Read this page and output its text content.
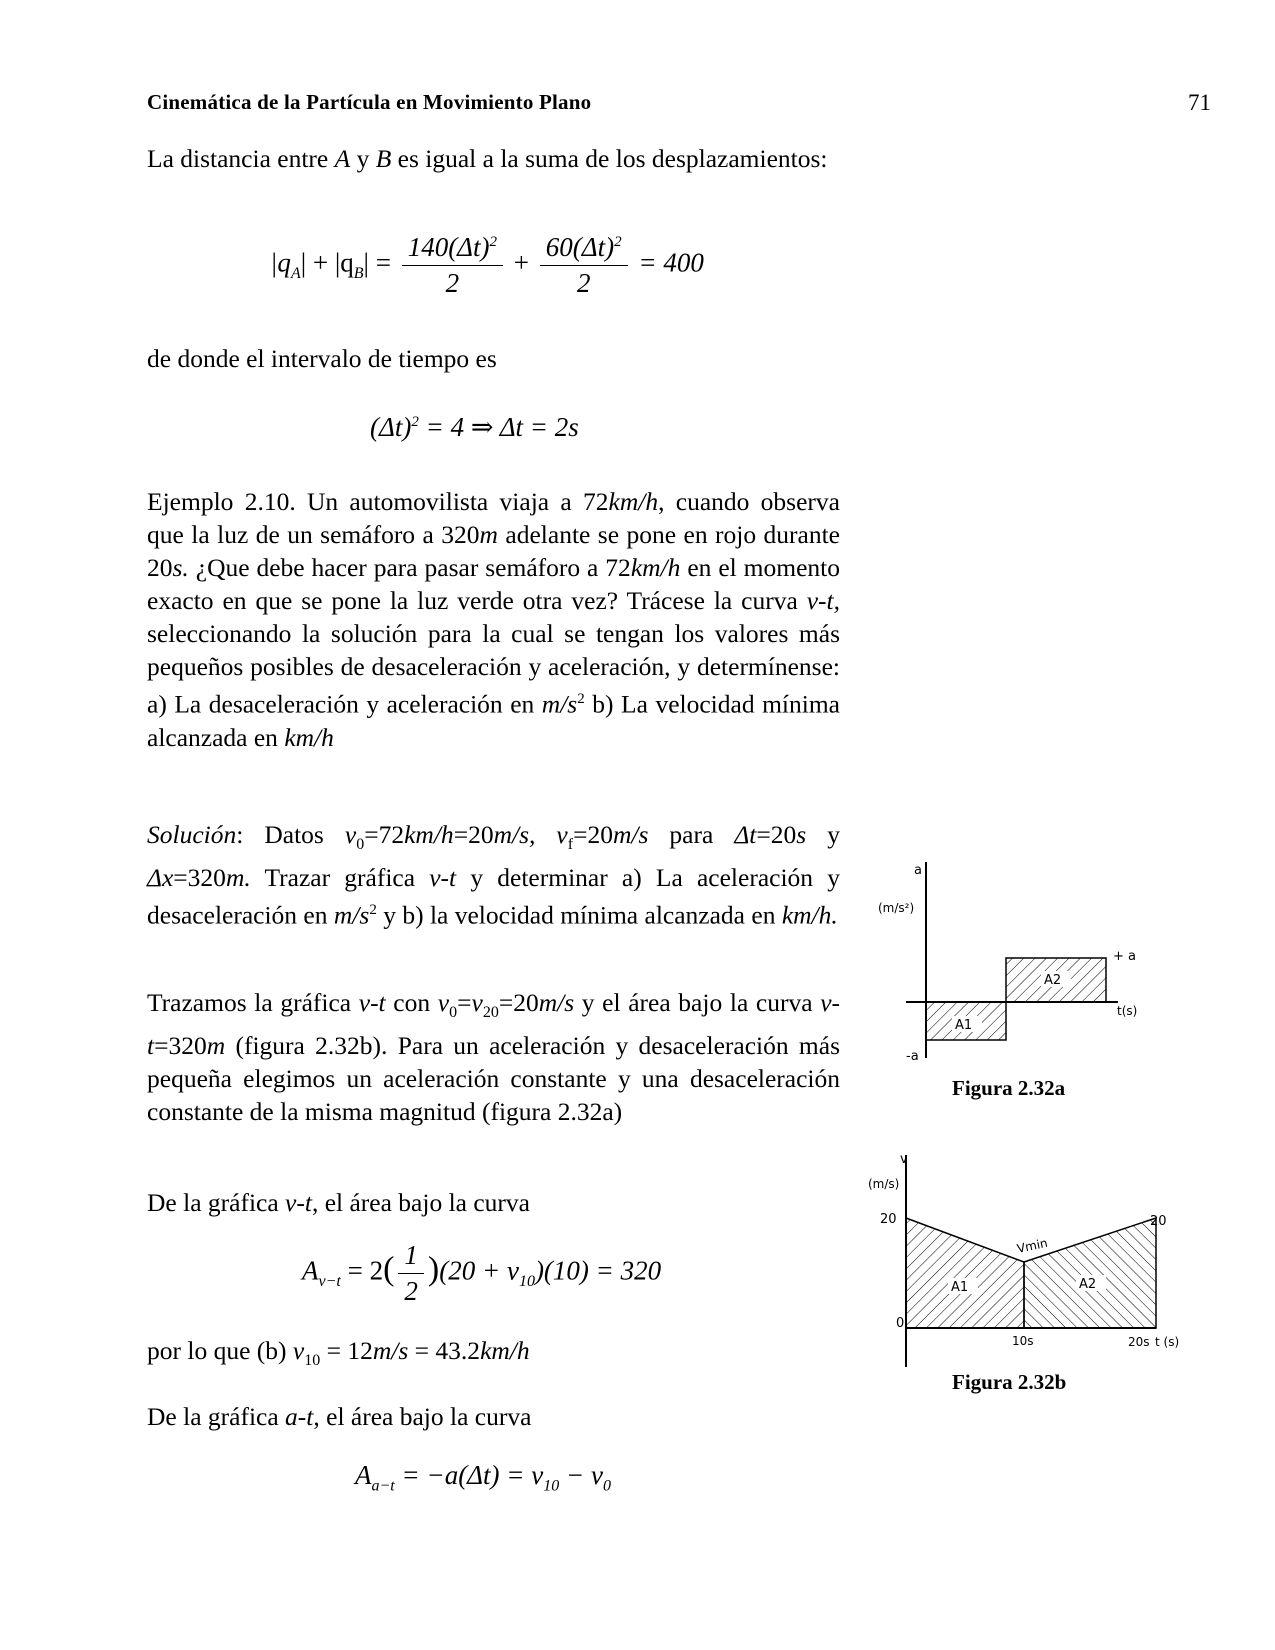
Cinemática de la Partícula en Movimiento Plano	71
La distancia entre A y B es igual a la suma de los desplazamientos:
$|q_A| + |q_B| = \frac{140(\Delta t)^2}{2} + \frac{60(\Delta t)^2}{2} = 400$
de donde el intervalo de tiempo es
$(\Delta t)^2 = 4$ ⇒ Δt = 2s
Ejemplo 2.10. Un automovilista viaja a 72km/h, cuando observa que la luz de un semáforo a 320m adelante se pone en rojo durante 20s. ¿Que debe hacer para pasar semáforo a 72km/h en el momento exacto en que se pone la luz verde otra vez? Trácese la curva v-t, seleccionando la solución para la cual se tengan los valores más pequeños posibles de desaceleración y aceleración, y determínense: a) La desaceleración y aceleración en $m/s^2$ b) La velocidad mínima alcanzada en km/h
Solución: Datos $v_0=72km/h=20m/s$, $v_f=20m/s$ para Δt=20s y Δx=320m. Trazar gráfica v-t y determinar a) La aceleración y desaceleración en $m/s^2$ y b) la velocidad mínima alcanzada en km/h.
Trazamos la gráfica v-t con $v_0=v_{20}=20m/s$ y el área bajo la curva v-t=320m (figura 2.32b). Para un aceleración y desaceleración más pequeña elegimos un aceleración constante y una desaceleración constante de la misma magnitud (figura 2.32a)
De la gráfica v-t, el área bajo la curva
$A_{v-t} = 2( \frac{1}{2} )(20 + v_{10})(10) = 320$
por lo que (b) $v_{10} = 12m/s = 43.2km/h$
De la gráfica a-t, el área bajo la curva
$A_{a-t} = -a(\Delta t) = v_{10} - v_0$
a
(m/s²)
+ a
-a
t(s)
A2
A1
Figura 2.32a
v
(m/s)
20	20
Vmin
A1	A2
0
10s	20s t (s)
Figura 2.32b
